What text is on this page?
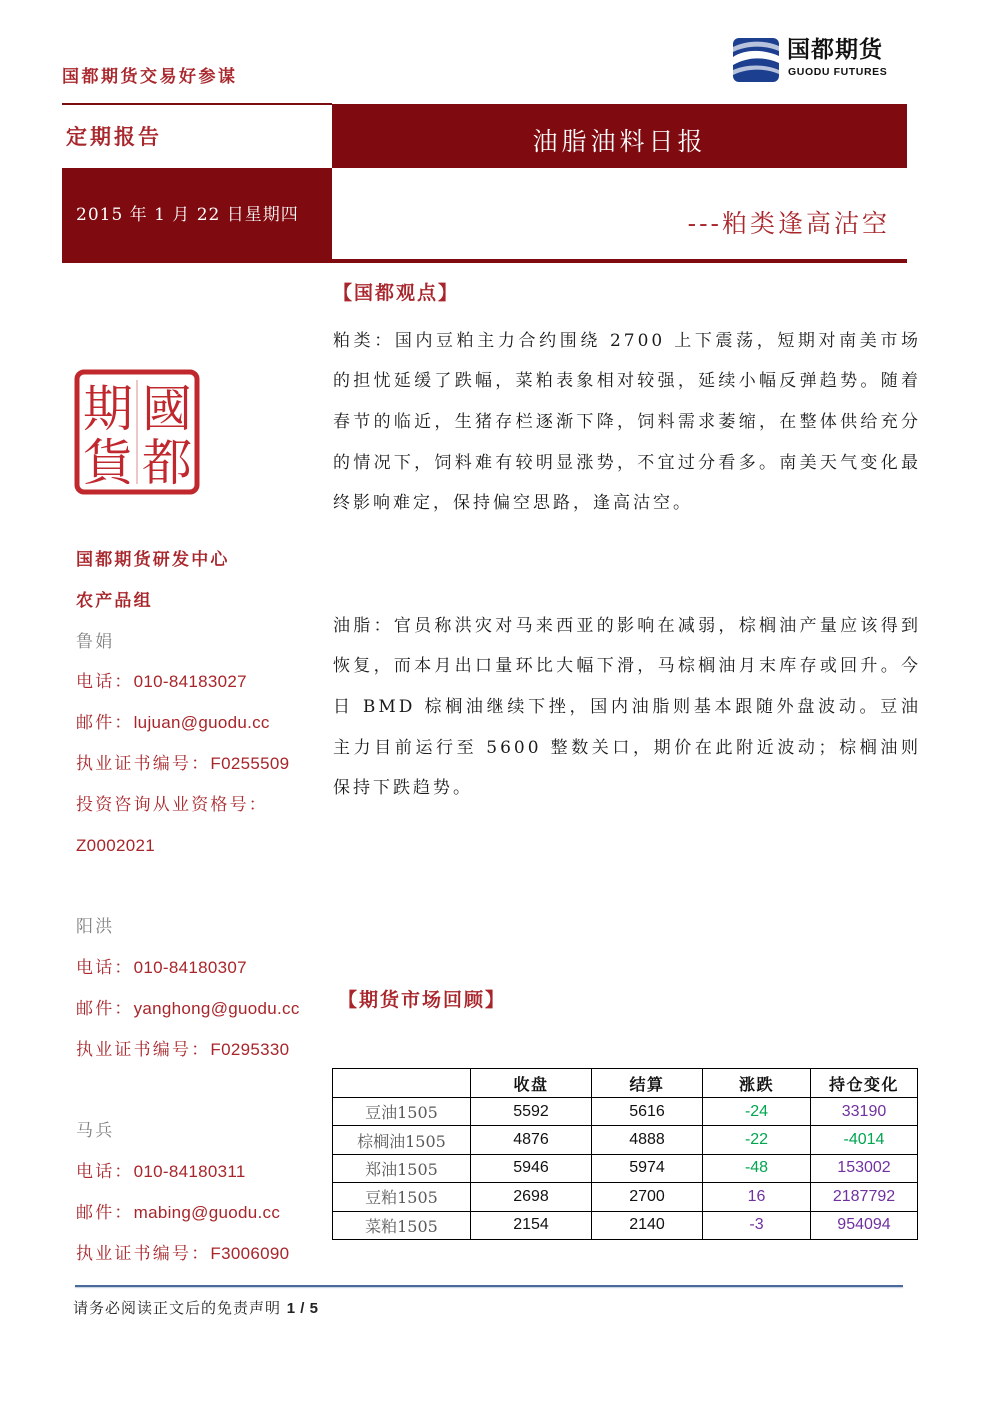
国都期货交易好参谋
国都期货
GUODU FUTURES
定期报告	油脂油料日报
2015 年 1 月 22 日星期四	---粕类逢高沽空
國
都
期
貨
国都期货研发中心
农产品组
鲁娟
电话：010-84183027
邮件：lujuan@guodu.cc
执业证书编号：F0255509
投资咨询从业资格号：
Z0002021
阳洪
电话：010-84180307
邮件：yanghong@guodu.cc
执业证书编号：F0295330
马兵
电话：010-84180311
邮件：mabing@guodu.cc
执业证书编号：F3006090
【国都观点】
粕类：国内豆粕主力合约围绕 2700 上下震荡，短期对南美市场的担忧延缓了跌幅，菜粕表象相对较强，延续小幅反弹趋势。随着春节的临近，生猪存栏逐渐下降，饲料需求萎缩，在整体供给充分的情况下，饲料难有较明显涨势，不宜过分看多。南美天气变化最终影响难定，保持偏空思路，逢高沽空。
油脂：官员称洪灾对马来西亚的影响在减弱，棕榈油产量应该得到恢复，而本月出口量环比大幅下滑，马棕榈油月末库存或回升。今日 BMD 棕榈油继续下挫，国内油脂则基本跟随外盘波动。豆油主力目前运行至 5600 整数关口，期价在此附近波动；棕榈油则保持下跌趋势。
【期货市场回顾】
	收盘	结算	涨跌	持仓变化
豆油1505	5592	5616	-24	33190
棕榈油1505	4876	4888	-22	-4014
郑油1505	5946	5974	-48	153002
豆粕1505	2698	2700	16	2187792
菜粕1505	2154	2140	-3	954094
请务必阅读正文后的免责声明 1 / 5
